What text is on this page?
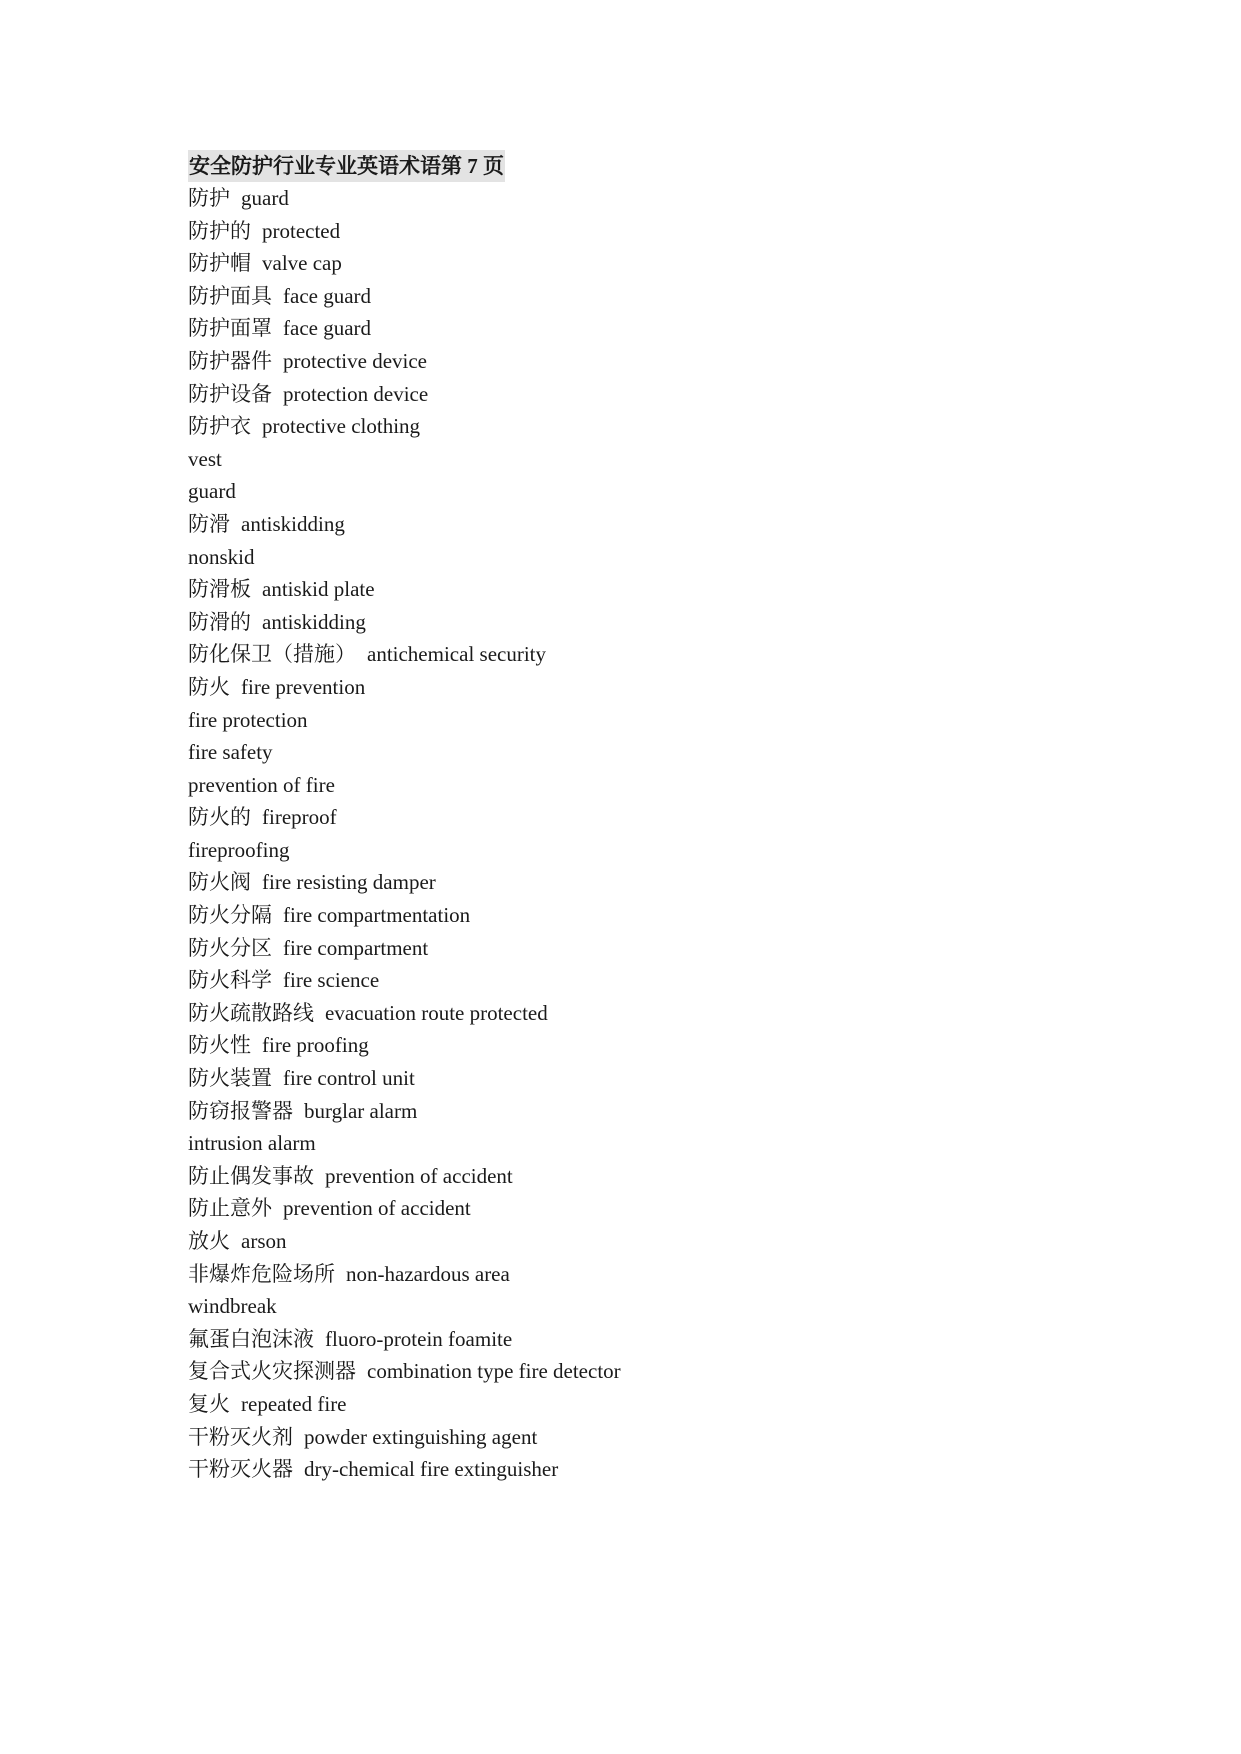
安全防护行业专业英语术语第 7 页
防护 guard
防护的 protected
防护帽 valve cap
防护面具 face guard
防护面罩 face guard
防护器件 protective device
防护设备 protection device
防护衣 protective clothing
vest
guard
防滑 antiskidding
nonskid
防滑板 antiskid plate
防滑的 antiskidding
防化保卫（措施） antichemical security
防火 fire prevention
fire protection
fire safety
prevention of fire
防火的 fireproof
fireproofing
防火阀 fire resisting damper
防火分隔 fire compartmentation
防火分区 fire compartment
防火科学 fire science
防火疏散路线 evacuation route protected
防火性 fire proofing
防火装置 fire control unit
防窃报警器 burglar alarm
intrusion alarm
防止偶发事故 prevention of accident
防止意外 prevention of accident
放火 arson
非爆炸危险场所 non-hazardous area
windbreak
氟蛋白泡沫液 fluoro-protein foamite
复合式火灾探测器 combination type fire detector
复火 repeated fire
干粉灭火剂 powder extinguishing agent
干粉灭火器 dry-chemical fire extinguisher
